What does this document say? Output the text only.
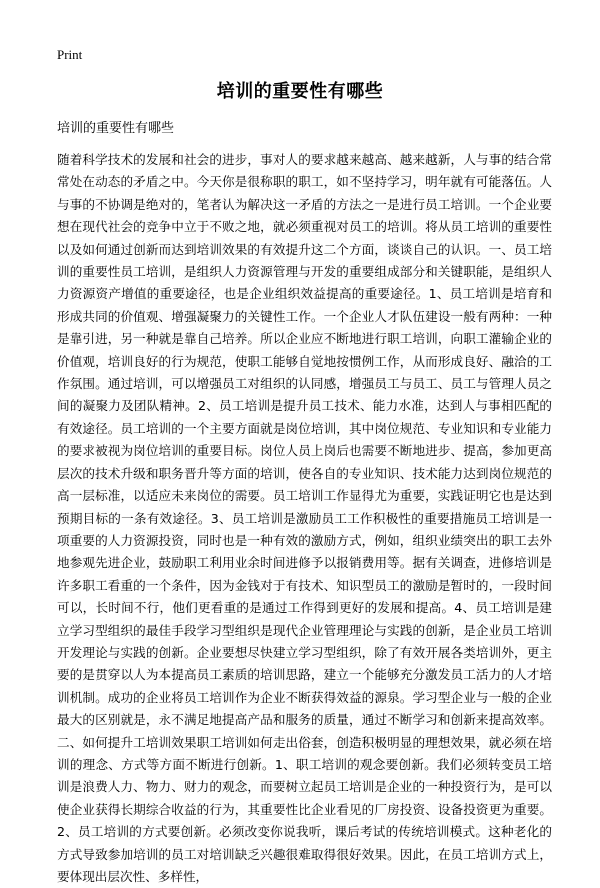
Print
培训的重要性有哪些
培训的重要性有哪些

随着科学技术的发展和社会的进步，事对人的要求越来越高、越来越新，人与事的结合常常处在动态的矛盾之中。今天你是很称职的职工，如不坚持学习，明年就有可能落伍。人与事的不协调是绝对的，笔者认为解决这一矛盾的方法之一是进行员工培训。一个企业要想在现代社会的竞争中立于不败之地，就必须重视对员工的培训。将从员工培训的重要性以及如何通过创新而达到培训效果的有效提升这二个方面，谈谈自己的认识。一、员工培训的重要性员工培训，是组织人力资源管理与开发的重要组成部分和关键职能，是组织人力资源资产增值的重要途径，也是企业组织效益提高的重要途径。1、员工培训是培育和形成共同的价值观、增强凝聚力的关键性工作。一个企业人才队伍建设一般有两种：一种是靠引进，另一种就是靠自己培养。所以企业应不断地进行职工培训，向职工灌输企业的价值观，培训良好的行为规范，使职工能够自觉地按惯例工作，从而形成良好、融洽的工作氛围。通过培训，可以增强员工对组织的认同感，增强员工与员工、员工与管理人员之间的凝聚力及团队精神。2、员工培训是提升员工技术、能力水准，达到人与事相匹配的有效途径。员工培训的一个主要方面就是岗位培训，其中岗位规范、专业知识和专业能力的要求被视为岗位培训的重要目标。岗位人员上岗后也需要不断地进步、提高，参加更高层次的技术升级和职务晋升等方面的培训，使各自的专业知识、技术能力达到岗位规范的高一层标准，以适应未来岗位的需要。员工培训工作显得尤为重要，实践证明它也是达到预期目标的一条有效途径。3、员工培训是激励员工工作积极性的重要措施员工培训是一项重要的人力资源投资，同时也是一种有效的激励方式，例如，组织业绩突出的职工去外地参观先进企业，鼓励职工利用业余时间进修予以报销费用等。据有关调查，进修培训是许多职工看重的一个条件，因为金钱对于有技术、知识型员工的激励是暂时的，一段时间可以，长时间不行，他们更看重的是通过工作得到更好的发展和提高。4、员工培训是建立学习型组织的最佳手段学习型组织是现代企业管理理论与实践的创新，是企业员工培训开发理论与实践的创新。企业要想尽快建立学习型组织，除了有效开展各类培训外，更主要的是贯穿以人为本提高员工素质的培训思路，建立一个能够充分激发员工活力的人才培训机制。成功的企业将员工培训作为企业不断获得效益的源泉。学习型企业与一般的企业最大的区别就是，永不满足地提高产品和服务的质量，通过不断学习和创新来提高效率。二、如何提升工培训效果职工培训如何走出俗套，创造积极明显的理想效果，就必须在培训的理念、方式等方面不断进行创新。1、职工培训的观念要创新。我们必须转变员工培训是浪费人力、物力、财力的观念，而要树立起员工培训是企业的一种投资行为，是可以使企业获得长期综合收益的行为，其重要性比企业看见的厂房投资、设备投资更为重要。2、员工培训的方式要创新。必须改变你说我听，课后考试的传统培训模式。这种老化的方式导致参加培训的员工对培训缺乏兴趣很难取得很好效果。因此，在员工培训方式上，要体现出层次性、多样性，
